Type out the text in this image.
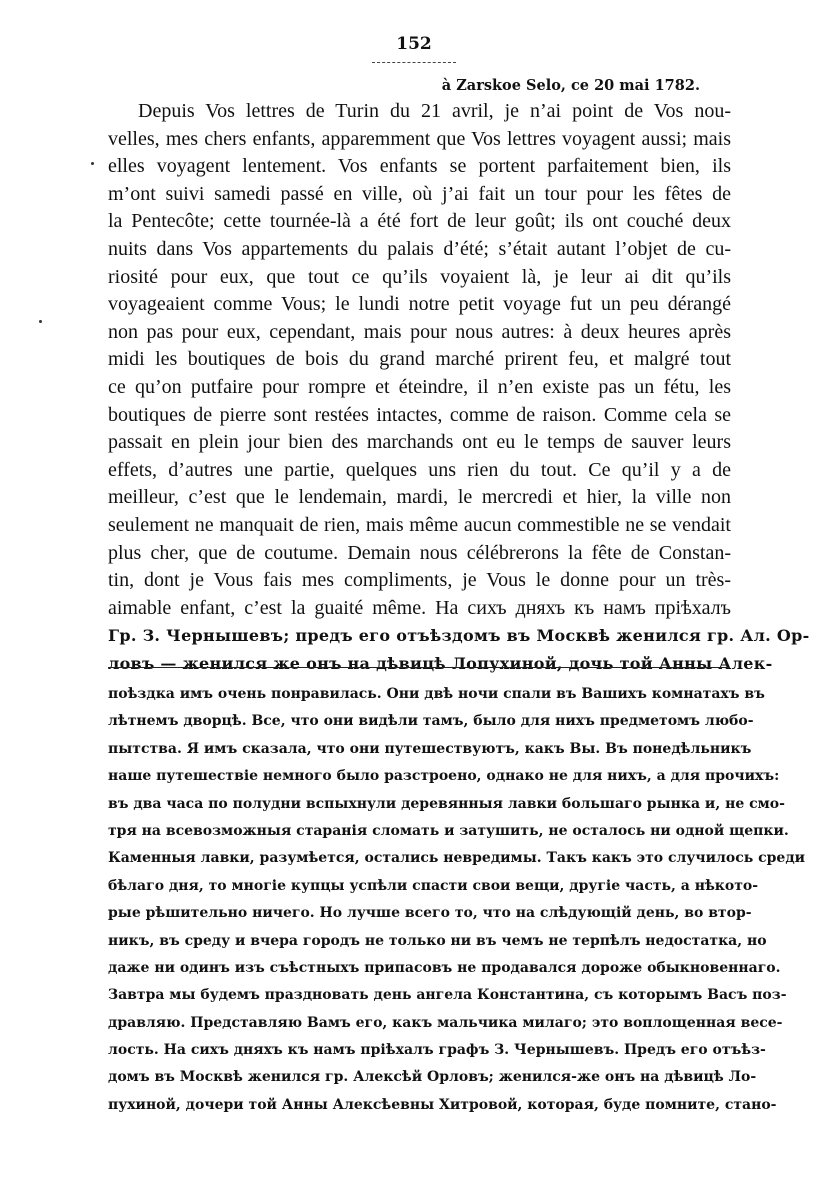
152
à Zarskoe Selo, ce 20 mai 1782.
Depuis Vos lettres de Turin du 21 avril, je n’ai point de Vos nou-
velles, mes chers enfants, apparemment que Vos lettres voyagent aussi; mais
elles voyagent lentement. Vos enfants se portent parfaitement bien, ils
m’ont suivi samedi passé en ville, où j’ai fait un tour pour les fêtes de
la Pentecôte; cette tournée-là a été fort de leur goût; ils ont couché deux
nuits dans Vos appartements du palais d’été; s’était autant l’objet de cu-
riosité pour eux, que tout ce qu’ils voyaient là, je leur ai dit qu’ils
voyageaient comme Vous; le lundi notre petit voyage fut un peu dérangé
non pas pour eux, cependant, mais pour nous autres: à deux heures après
midi les boutiques de bois du grand marché prirent feu, et malgré tout
ce qu’on putfaire pour rompre et éteindre, il n’en existe pas un fétu, les
boutiques de pierre sont restées intactes, comme de raison. Comme cela se
passait en plein jour bien des marchands ont eu le temps de sauver leurs
effets, d’autres une partie, quelques uns rien du tout. Ce qu’il y a de
meilleur, c’est que le lendemain, mardi, le mercredi et hier, la ville non
seulement ne manquait de rien, mais même aucun commestible ne se vendait
plus cher, que de coutume. Demain nous célébrerons la fête de Constan-
tin, dont je Vous fais mes compliments, je Vous le donne pour un très-
aimable enfant, c’est la guaité même. На сихъ дняхъ къ намъ пріѣхалъ
Гр. З. Чернышевъ; предъ его отъѣздомъ въ Москвѣ женился гр. Ал. Ор-
ловъ — женился же онъ на дѣвицѣ Лопухиной, дочь той Анны Алек-
поѣздка имъ очень понравилась. Они двѣ ночи спали въ Вашихъ комнатахъ въ
лѣтнемъ дворцѣ. Все, что они видѣли тамъ, было для нихъ предметомъ любо-
пытства. Я имъ сказала, что они путешествуютъ, какъ Вы. Въ понедѣльникъ
наше путешествіе немного было разстроено, однако не для нихъ, а для прочихъ:
въ два часа по полудни вспыхнули деревянныя лавки большаго рынка и, не смо-
тря на всевозможныя старанія сломать и затушить, не осталось ни одной щепки.
Каменныя лавки, разумѣется, остались невредимы. Такъ какъ это случилось среди
бѣлаго дня, то многіе купцы успѣли спасти свои вещи, другіе часть, а нѣкото-
рые рѣшительно ничего. Но лучше всего то, что на слѣдующій день, во втор-
никъ, въ среду и вчера городъ не только ни въ чемъ не терпѣлъ недостатка, но
даже ни одинъ изъ съѣстныхъ припасовъ не продавался дороже обыкновеннаго.
Завтра мы будемъ праздновать день ангела Константина, съ которымъ Васъ поз-
дравляю. Представляю Вамъ его, какъ мальчика милаго; это воплощенная весе-
лость. На сихъ дняхъ къ намъ пріѣхалъ графъ З. Чернышевъ. Предъ его отъѣз-
домъ въ Москвѣ женился гр. Алексѣй Орловъ; женился-же онъ на дѣвицѣ Ло-
пухиной, дочери той Анны Алексѣевны Хитровой, которая, буде помните, стано-
